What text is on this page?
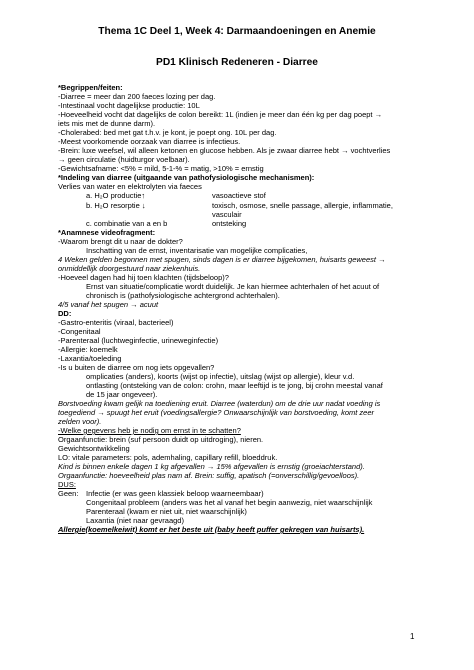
Thema 1C Deel 1, Week 4: Darmaandoeningen en Anemie
PD1 Klinisch Redeneren - Diarree
*Begrippen/feiten:
-Diarree = meer dan 200 faeces lozing per dag.
-Intestinaal vocht dagelijkse productie: 10L
-Hoeveelheid vocht dat dagelijks de colon bereikt: 1L (indien je meer dan één kg per dag poept →
iets mis met de dunne darm).
-Cholerabed: bed met gat t.h.v. je kont, je poept ong. 10L per dag.
-Meest voorkomende oorzaak van diarree is infectieus.
-Brein: luxe weefsel, wil alleen ketonen en glucose hebben. Als je zwaar diarree hebt → vochtverlies
→ geen circulatie (huidturgor voelbaar).
-Gewichtsafname: <5% = mild, 5-1-% = matig, >10% = ernstig
*Indeling van diarree (uitgaande van pathofysiologische mechanismen):
Verlies van water en elektrolyten via faeces
a. H₂O productie↑	vasoactieve stof
b. H₂O resorptie ↓	toxisch, osmose, snelle passage, allergie, inflammatie,
vasculair
c. combinatie van a en b	ontsteking
*Anamnese videofragment:
-Waarom brengt dit u naar de dokter?
Inschatting van de ernst, inventarisatie van mogelijke complicaties,
4 Weken gelden begonnen met spugen, sinds dagen is er diarree bijgekomen, huisarts geweest →
onmiddellijk doorgestuurd naar ziekenhuis.
-Hoeveel dagen had hij toen klachten (tijdsbeloop)?
Ernst van situatie/complicatie wordt duidelijk. Je kan hiermee achterhalen of het acuut of
chronisch is (pathofysiologische achtergrond achterhalen).
4/5 vanaf het spugen → acuut
DD:
-Gastro-enteritis (viraal, bacterieel)
-Congenitaal
-Parenteraal (luchtweginfectie, urineweginfectie)
-Allergie: koemelk
-Laxantia/toeleding
-Is u buiten de diarree om nog iets opgevallen?
omplicaties (anders), koorts (wijst op infectie), uitslag (wijst op allergie), kleur v.d.
ontlasting (ontsteking van de colon: crohn, maar leeftijd is te jong, bij crohn meestal vanaf
de 15 jaar ongeveer).
Borstvoeding kwam gelijk na toediening eruit. Diarree (waterdun) om de drie uur nadat voeding is
toegediend → spuugt het eruit (voedingsallergie? Onwaarschijnlijk van borstvoeding, komt zeer
zelden voor).
-Welke gegevens heb je nodig om ernst in te schatten?
Orgaanfunctie: brein (suf persoon duidt op uitdroging), nieren.
Gewichtsontwikkeling
LO: vitale parameters: pols, ademhaling, capillary refill, bloeddruk.
Kind is binnen enkele dagen 1 kg afgevallen → 15% afgevallen is ernstig (groeiachterstand).
Orgaanfunctie: hoeveelheid plas nam af. Brein: suffig, apatisch (=onverschillig/gevoelloos).
DUS:
Geen: Infectie (er was geen klassiek beloop waarneembaar)
Congenitaal probleem (anders was het al vanaf het begin aanwezig, niet waarschijnlijk
Parenteraal (kwam er niet uit, niet waarschijnlijk)
Laxantia (niet naar gevraagd)
Allergie(koemelkeiwit) komt er het beste uit (baby heeft puffer gekregen van huisarts).
1
